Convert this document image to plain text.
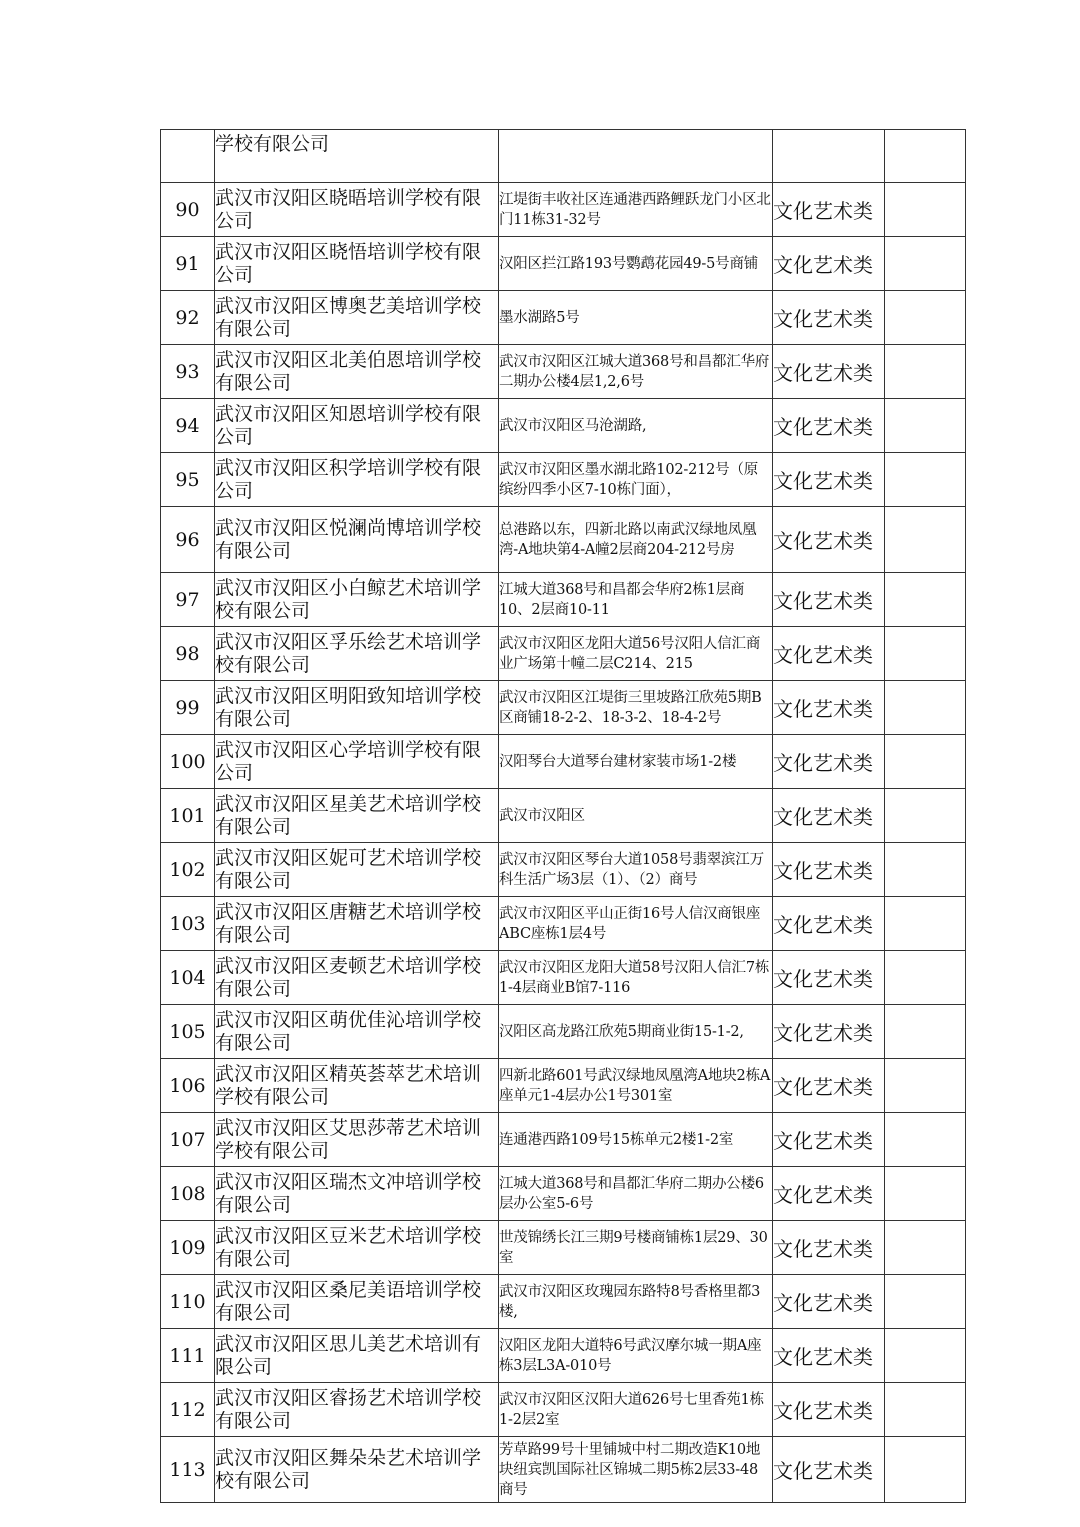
	学校有限公司			
90	武汉市汉阳区晓晤培训学校有限公司	江堤街丰收社区连通港西路鲤跃龙门小区北门11栋31-32号	文化艺术类	
91	武汉市汉阳区晓悟培训学校有限公司	汉阳区拦江路193号鹦鹉花园49-5号商铺	文化艺术类	
92	武汉市汉阳区博奥艺美培训学校有限公司	墨水湖路5号	文化艺术类	
93	武汉市汉阳区北美伯恩培训学校有限公司	武汉市汉阳区江城大道368号和昌都汇华府二期办公楼4层1,2,6号	文化艺术类	
94	武汉市汉阳区知恩培训学校有限公司	武汉市汉阳区马沧湖路,	文化艺术类	
95	武汉市汉阳区积学培训学校有限公司	武汉市汉阳区墨水湖北路102-212号（原缤纷四季小区7-10栋门面），	文化艺术类	
96	武汉市汉阳区悦澜尚博培训学校有限公司	总港路以东，四新北路以南武汉绿地凤凰湾-A地块第4-A幢2层商204-212号房	文化艺术类	
97	武汉市汉阳区小白鲸艺术培训学校有限公司	江城大道368号和昌都会华府2栋1层商10、2层商10-11	文化艺术类	
98	武汉市汉阳区孚乐绘艺术培训学校有限公司	武汉市汉阳区龙阳大道56号汉阳人信汇商业广场第十幢二层C214、215	文化艺术类	
99	武汉市汉阳区明阳致知培训学校有限公司	武汉市汉阳区江堤街三里坡路江欣苑5期B区商铺18-2-2、18-3-2、18-4-2号	文化艺术类	
100	武汉市汉阳区心学培训学校有限公司	汉阳琴台大道琴台建材家装市场1-2楼	文化艺术类	
101	武汉市汉阳区星美艺术培训学校有限公司	武汉市汉阳区	文化艺术类	
102	武汉市汉阳区妮可艺术培训学校有限公司	武汉市汉阳区琴台大道1058号翡翠滨江万科生活广场3层（1）、（2）商号	文化艺术类	
103	武汉市汉阳区唐糖艺术培训学校有限公司	武汉市汉阳区平山正街16号人信汉商银座ABC座栋1层4号	文化艺术类	
104	武汉市汉阳区麦顿艺术培训学校有限公司	武汉市汉阳区龙阳大道58号汉阳人信汇7栋1-4层商业B馆7-116	文化艺术类	
105	武汉市汉阳区萌优佳沁培训学校有限公司	汉阳区高龙路江欣苑5期商业街15-1-2,	文化艺术类	
106	武汉市汉阳区精英荟萃艺术培训学校有限公司	四新北路601号武汉绿地凤凰湾A地块2栋A座单元1-4层办公1号301室	文化艺术类	
107	武汉市汉阳区艾思莎蒂艺术培训学校有限公司	连通港西路109号15栋单元2楼1-2室	文化艺术类	
108	武汉市汉阳区瑞杰文冲培训学校有限公司	江城大道368号和昌都汇华府二期办公楼6层办公室5-6号	文化艺术类	
109	武汉市汉阳区豆米艺术培训学校有限公司	世茂锦绣长江三期9号楼商铺栋1层29、30室	文化艺术类	
110	武汉市汉阳区桑尼美语培训学校有限公司	武汉市汉阳区玫瑰园东路特8号香格里都3楼,	文化艺术类	
111	武汉市汉阳区思儿美艺术培训有限公司	汉阳区龙阳大道特6号武汉摩尔城一期A座栋3层L3A-010号	文化艺术类	
112	武汉市汉阳区睿扬艺术培训学校有限公司	武汉市汉阳区汉阳大道626号七里香苑1栋1-2层2室	文化艺术类	
113	武汉市汉阳区舞朵朵艺术培训学校有限公司	芳草路99号十里铺城中村二期改造K10地块纽宾凯国际社区锦城二期5栋2层33-48商号	文化艺术类	
